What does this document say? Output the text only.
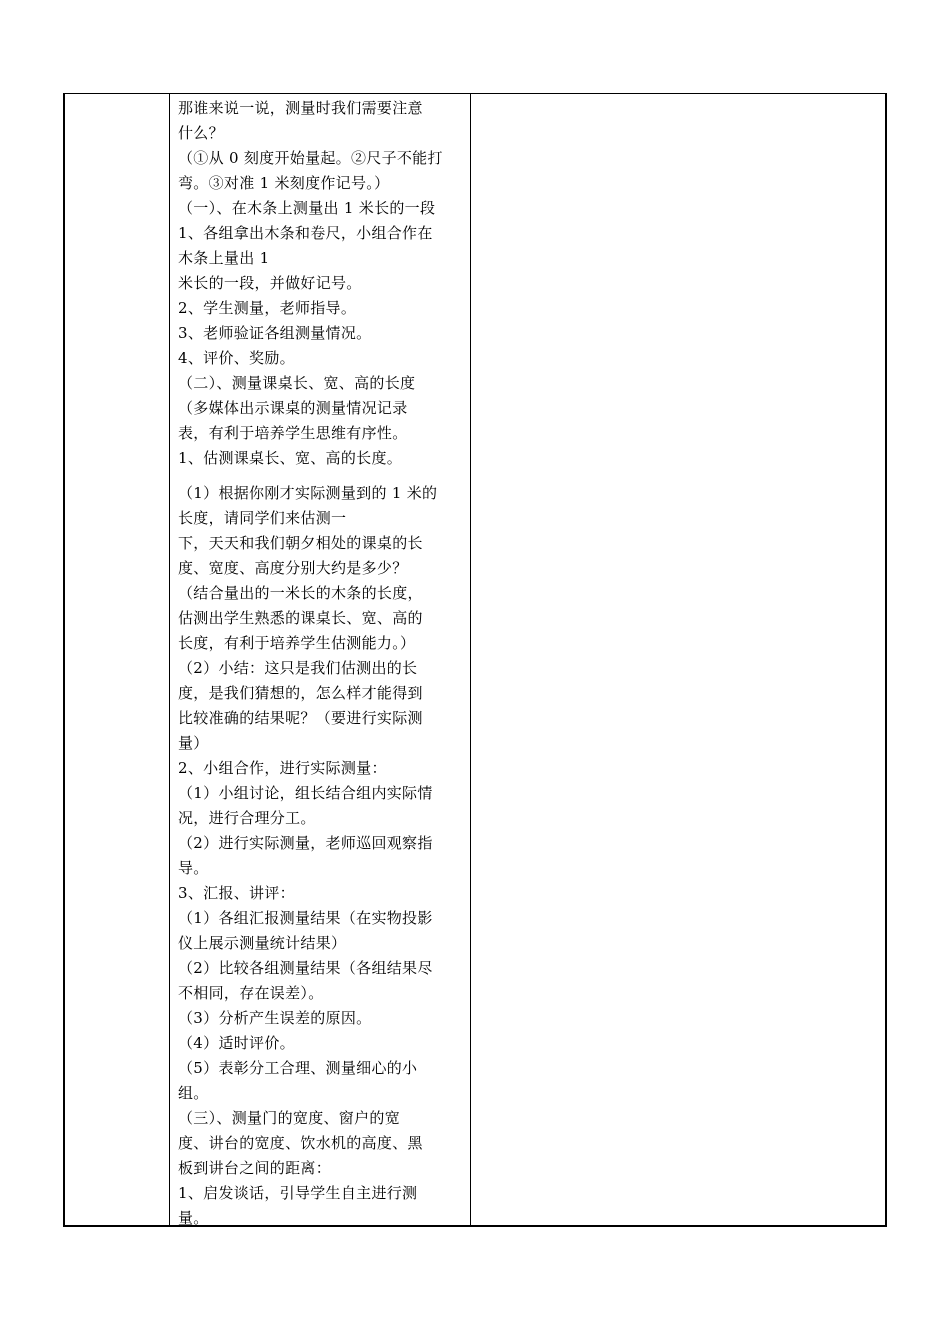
那谁来说一说，测量时我们需要注意

什么？

（①从 0 刻度开始量起。②尺子不能打

弯。③对准 1 米刻度作记号。）

（一）、在木条上测量出 1 米长的一段

1、各组拿出木条和卷尺，小组合作在

木条上量出 1

米长的一段，并做好记号。

2、学生测量，老师指导。

3、老师验证各组测量情况。

4、评价、奖励。

（二）、测量课桌长、宽、高的长度

（多媒体出示课桌的测量情况记录

表，有利于培养学生思维有序性。

1、估测课桌长、宽、高的长度。

（1）根据你刚才实际测量到的 1 米的

长度，请同学们来估测一

下，天天和我们朝夕相处的课桌的长

度、宽度、高度分别大约是多少？

（结合量出的一米长的木条的长度，

估测出学生熟悉的课桌长、宽、高的

长度，有利于培养学生估测能力。）

（2）小结：这只是我们估测出的长

度，是我们猜想的，怎么样才能得到

比较准确的结果呢？（要进行实际测

量）

2、小组合作，进行实际测量：

（1）小组讨论，组长结合组内实际情

况，进行合理分工。

（2）进行实际测量，老师巡回观察指

导。

3、汇报、讲评：

（1）各组汇报测量结果（在实物投影

仪上展示测量统计结果）

（2）比较各组测量结果（各组结果尽

不相同，存在误差）。

（3）分析产生误差的原因。

（4）适时评价。

（5）表彰分工合理、测量细心的小

组。

（三）、测量门的宽度、窗户的宽

度、讲台的宽度、饮水机的高度、黑

板到讲台之间的距离：

1、启发谈话，引导学生自主进行测

量。
